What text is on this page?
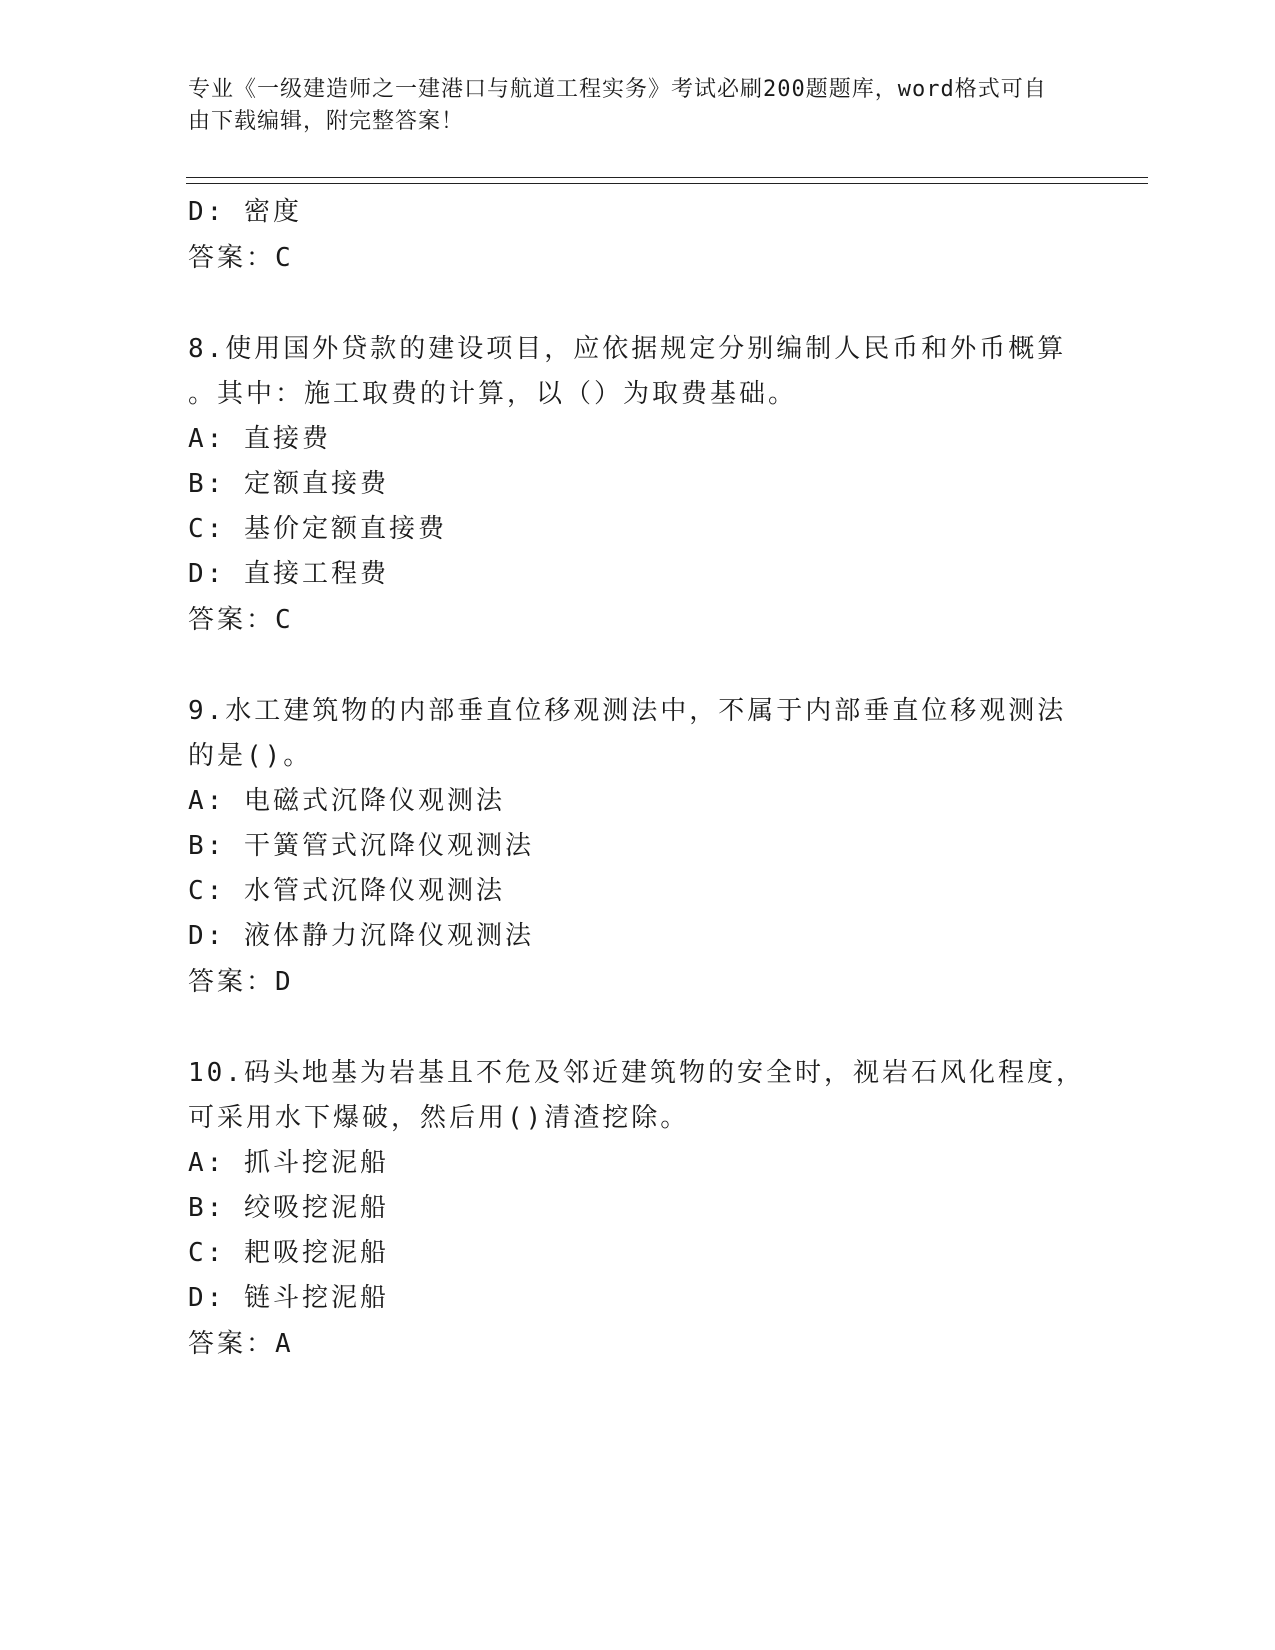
专业《一级建造师之一建港口与航道工程实务》考试必刷200题题库，word格式可自由下载编辑，附完整答案！
D: 密度
答案：C
8.使用国外贷款的建设项目，应依据规定分别编制人民币和外币概算
。其中：施工取费的计算，以（）为取费基础。
A: 直接费
B: 定额直接费
C: 基价定额直接费
D: 直接工程费
答案：C
9.水工建筑物的内部垂直位移观测法中，不属于内部垂直位移观测法
的是()。
A: 电磁式沉降仪观测法
B: 干簧管式沉降仪观测法
C: 水管式沉降仪观测法
D: 液体静力沉降仪观测法
答案：D
10.码头地基为岩基且不危及邻近建筑物的安全时，视岩石风化程度，
可采用水下爆破，然后用()清渣挖除。
A: 抓斗挖泥船
B: 绞吸挖泥船
C: 耙吸挖泥船
D: 链斗挖泥船
答案：A
